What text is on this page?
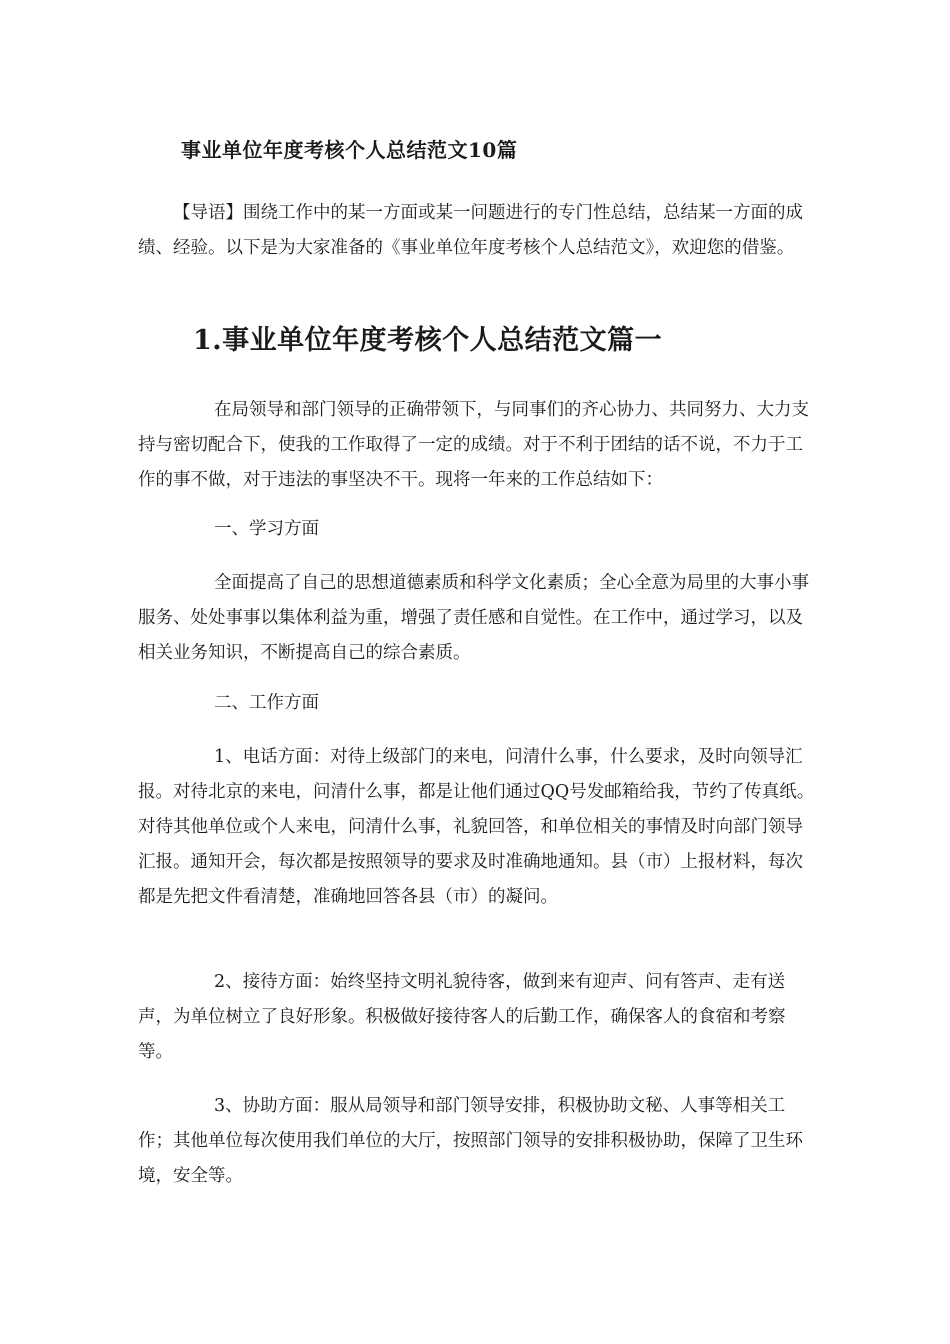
事业单位年度考核个人总结范文10篇

【导语】围绕工作中的某一方面或某一问题进行的专门性总结，总结某一方面的成绩、经验。以下是为大家准备的《事业单位年度考核个人总结范文》，欢迎您的借鉴。

1.事业单位年度考核个人总结范文篇一

在局领导和部门领导的正确带领下，与同事们的齐心协力、共同努力、大力支持与密切配合下，使我的工作取得了一定的成绩。对于不利于团结的话不说，不力于工作的事不做，对于违法的事坚决不干。现将一年来的工作总结如下：

一、学习方面

全面提高了自己的思想道德素质和科学文化素质；全心全意为局里的大事小事服务、处处事事以集体利益为重，增强了责任感和自觉性。在工作中，通过学习，以及相关业务知识，不断提高自己的综合素质。

二、工作方面

1、电话方面：对待上级部门的来电，问清什么事，什么要求，及时向领导汇报。对待北京的来电，问清什么事，都是让他们通过QQ号发邮箱给我，节约了传真纸。对待其他单位或个人来电，问清什么事，礼貌回答，和单位相关的事情及时向部门领导汇报。通知开会，每次都是按照领导的要求及时准确地通知。县（市）上报材料，每次都是先把文件看清楚，准确地回答各县（市）的凝问。

2、接待方面：始终坚持文明礼貌待客，做到来有迎声、问有答声、走有送声，为单位树立了良好形象。积极做好接待客人的后勤工作，确保客人的食宿和考察等。

3、协助方面：服从局领导和部门领导安排，积极协助文秘、人事等相关工作；其他单位每次使用我们单位的大厅，按照部门领导的安排积极协助，保障了卫生环境，安全等。
